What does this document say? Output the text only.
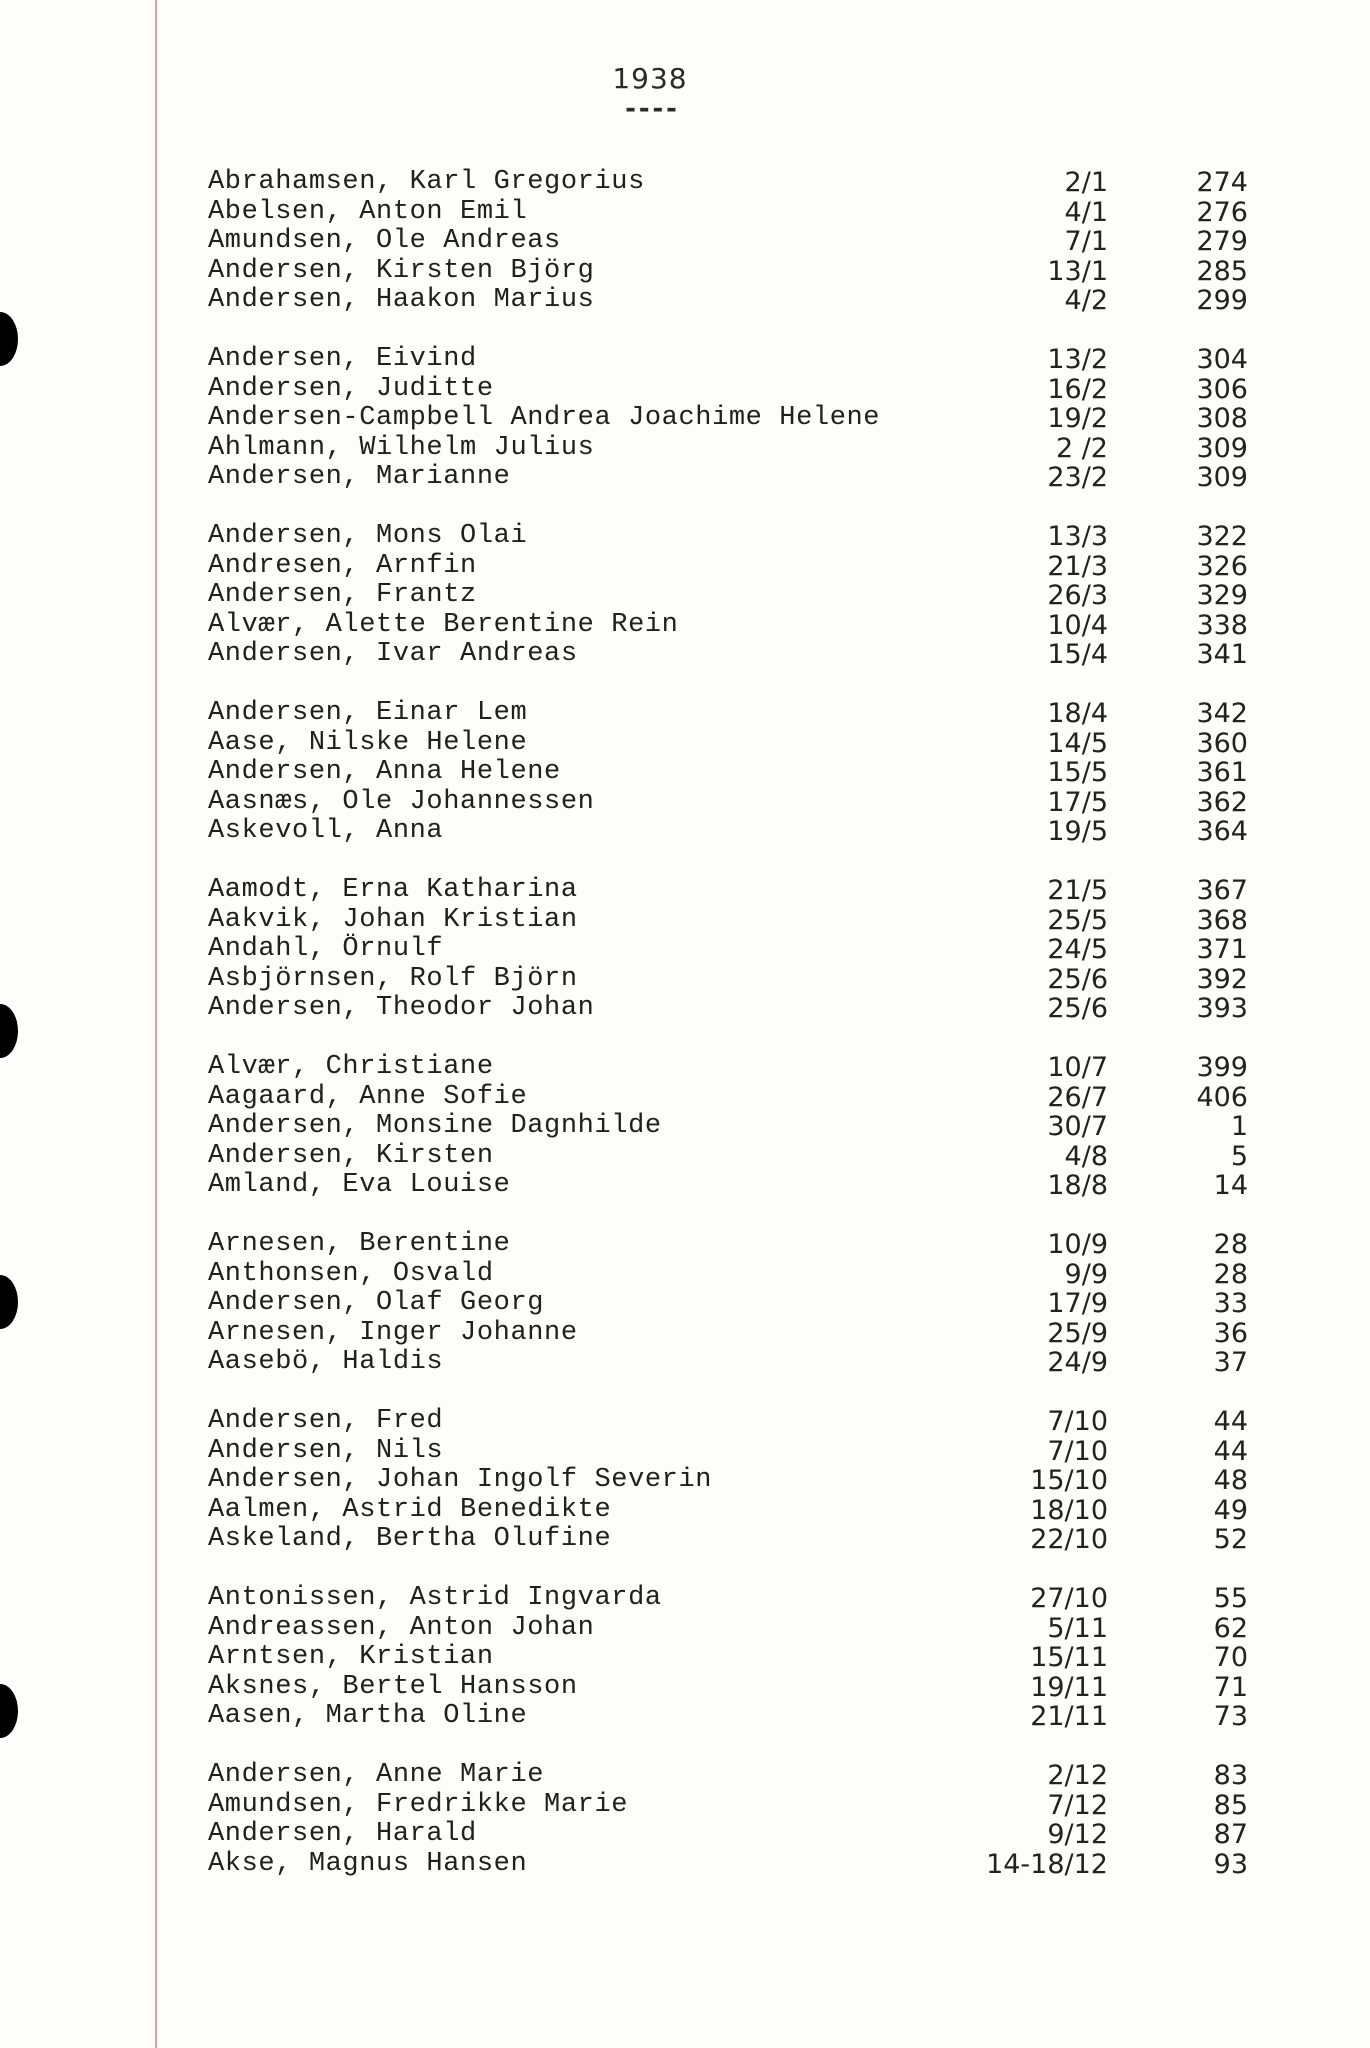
1938
----
Abrahamsen, Karl Gregorius	2/1	274
Abelsen, Anton Emil	4/1	276
Amundsen, Ole Andreas	7/1	279
Andersen, Kirsten Björg	13/1	285
Andersen, Haakon Marius	4/2	299
Andersen, Eivind	13/2	304
Andersen, Juditte	16/2	306
Andersen-Campbell Andrea Joachime Helene	19/2	308
Ahlmann, Wilhelm Julius	2 /2	309
Andersen, Marianne	23/2	309
Andersen, Mons Olai	13/3	322
Andresen, Arnfin	21/3	326
Andersen, Frantz	26/3	329
Alvær, Alette Berentine Rein	10/4	338
Andersen, Ivar Andreas	15/4	341
Andersen, Einar Lem	18/4	342
Aase, Nilske Helene	14/5	360
Andersen, Anna Helene	15/5	361
Aasnæs, Ole Johannessen	17/5	362
Askevoll, Anna	19/5	364
Aamodt, Erna Katharina	21/5	367
Aakvik, Johan Kristian	25/5	368
Andahl, Örnulf	24/5	371
Asbjörnsen, Rolf Björn	25/6	392
Andersen, Theodor Johan	25/6	393
Alvær, Christiane	10/7	399
Aagaard, Anne Sofie	26/7	406
Andersen, Monsine Dagnhilde	30/7	1
Andersen, Kirsten	4/8	5
Amland, Eva Louise	18/8	14
Arnesen, Berentine	10/9	28
Anthonsen, Osvald	9/9	28
Andersen, Olaf Georg	17/9	33
Arnesen, Inger Johanne	25/9	36
Aasebö, Haldis	24/9	37
Andersen, Fred	7/10	44
Andersen, Nils	7/10	44
Andersen, Johan Ingolf Severin	15/10	48
Aalmen, Astrid Benedikte	18/10	49
Askeland, Bertha Olufine	22/10	52
Antonissen, Astrid Ingvarda	27/10	55
Andreassen, Anton Johan	5/11	62
Arntsen, Kristian	15/11	70
Aksnes, Bertel Hansson	19/11	71
Aasen, Martha Oline	21/11	73
Andersen, Anne Marie	2/12	83
Amundsen, Fredrikke Marie	7/12	85
Andersen, Harald	9/12	87
Akse, Magnus Hansen	14-18/12	93
